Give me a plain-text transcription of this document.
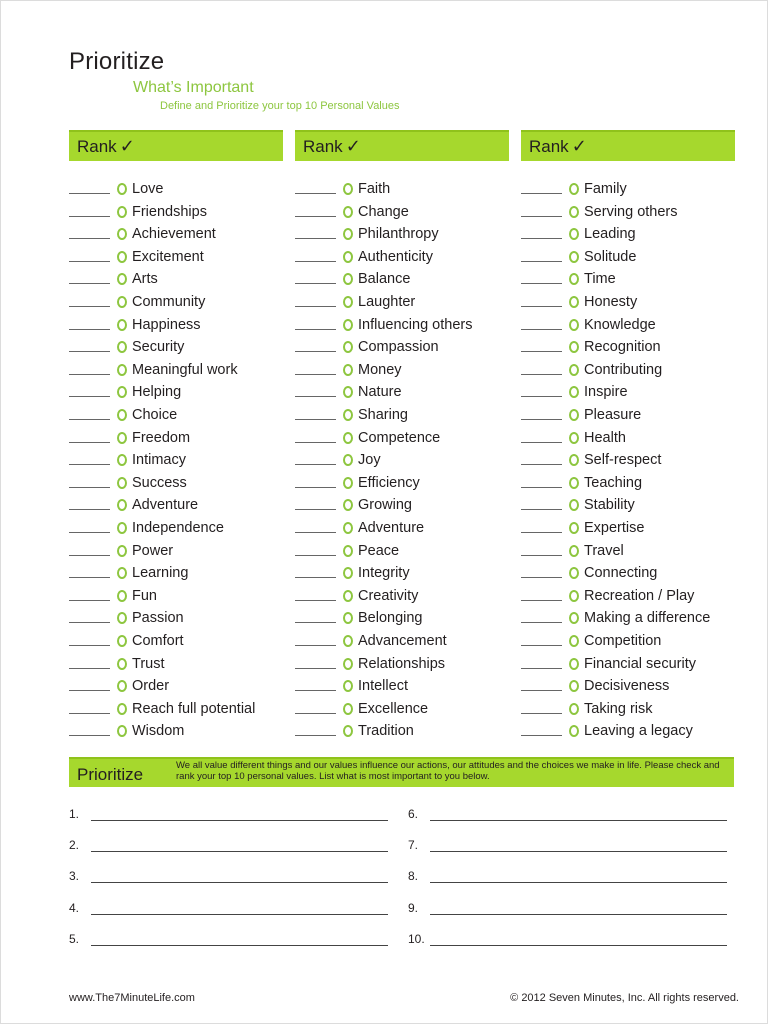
Prioritize
What’s Important
Define and Prioritize your top 10 Personal Values
Rank ✓
Love
Friendships
Achievement
Excitement
Arts
Community
Happiness
Security
Meaningful work
Helping
Choice
Freedom
Intimacy
Success
Adventure
Independence
Power
Learning
Fun
Passion
Comfort
Trust
Order
Reach full potential
Wisdom
Rank ✓
Faith
Change
Philanthropy
Authenticity
Balance
Laughter
Influencing others
Compassion
Money
Nature
Sharing
Competence
Joy
Efficiency
Growing
Adventure
Peace
Integrity
Creativity
Belonging
Advancement
Relationships
Intellect
Excellence
Tradition
Rank ✓
Family
Serving others
Leading
Solitude
Time
Honesty
Knowledge
Recognition
Contributing
Inspire
Pleasure
Health
Self-respect
Teaching
Stability
Expertise
Travel
Connecting
Recreation / Play
Making a difference
Competition
Financial security
Decisiveness
Taking risk
Leaving a legacy
Prioritize	We all value different things and our values influence our actions, our attitudes and the choices we make in life. Please check and rank your top 10 personal values. List what is most important to you below.
1.
2.
3.
4.
5.
6.
7.
8.
9.
10.
www.The7MinuteLife.com	© 2012 Seven Minutes, Inc. All rights reserved.
